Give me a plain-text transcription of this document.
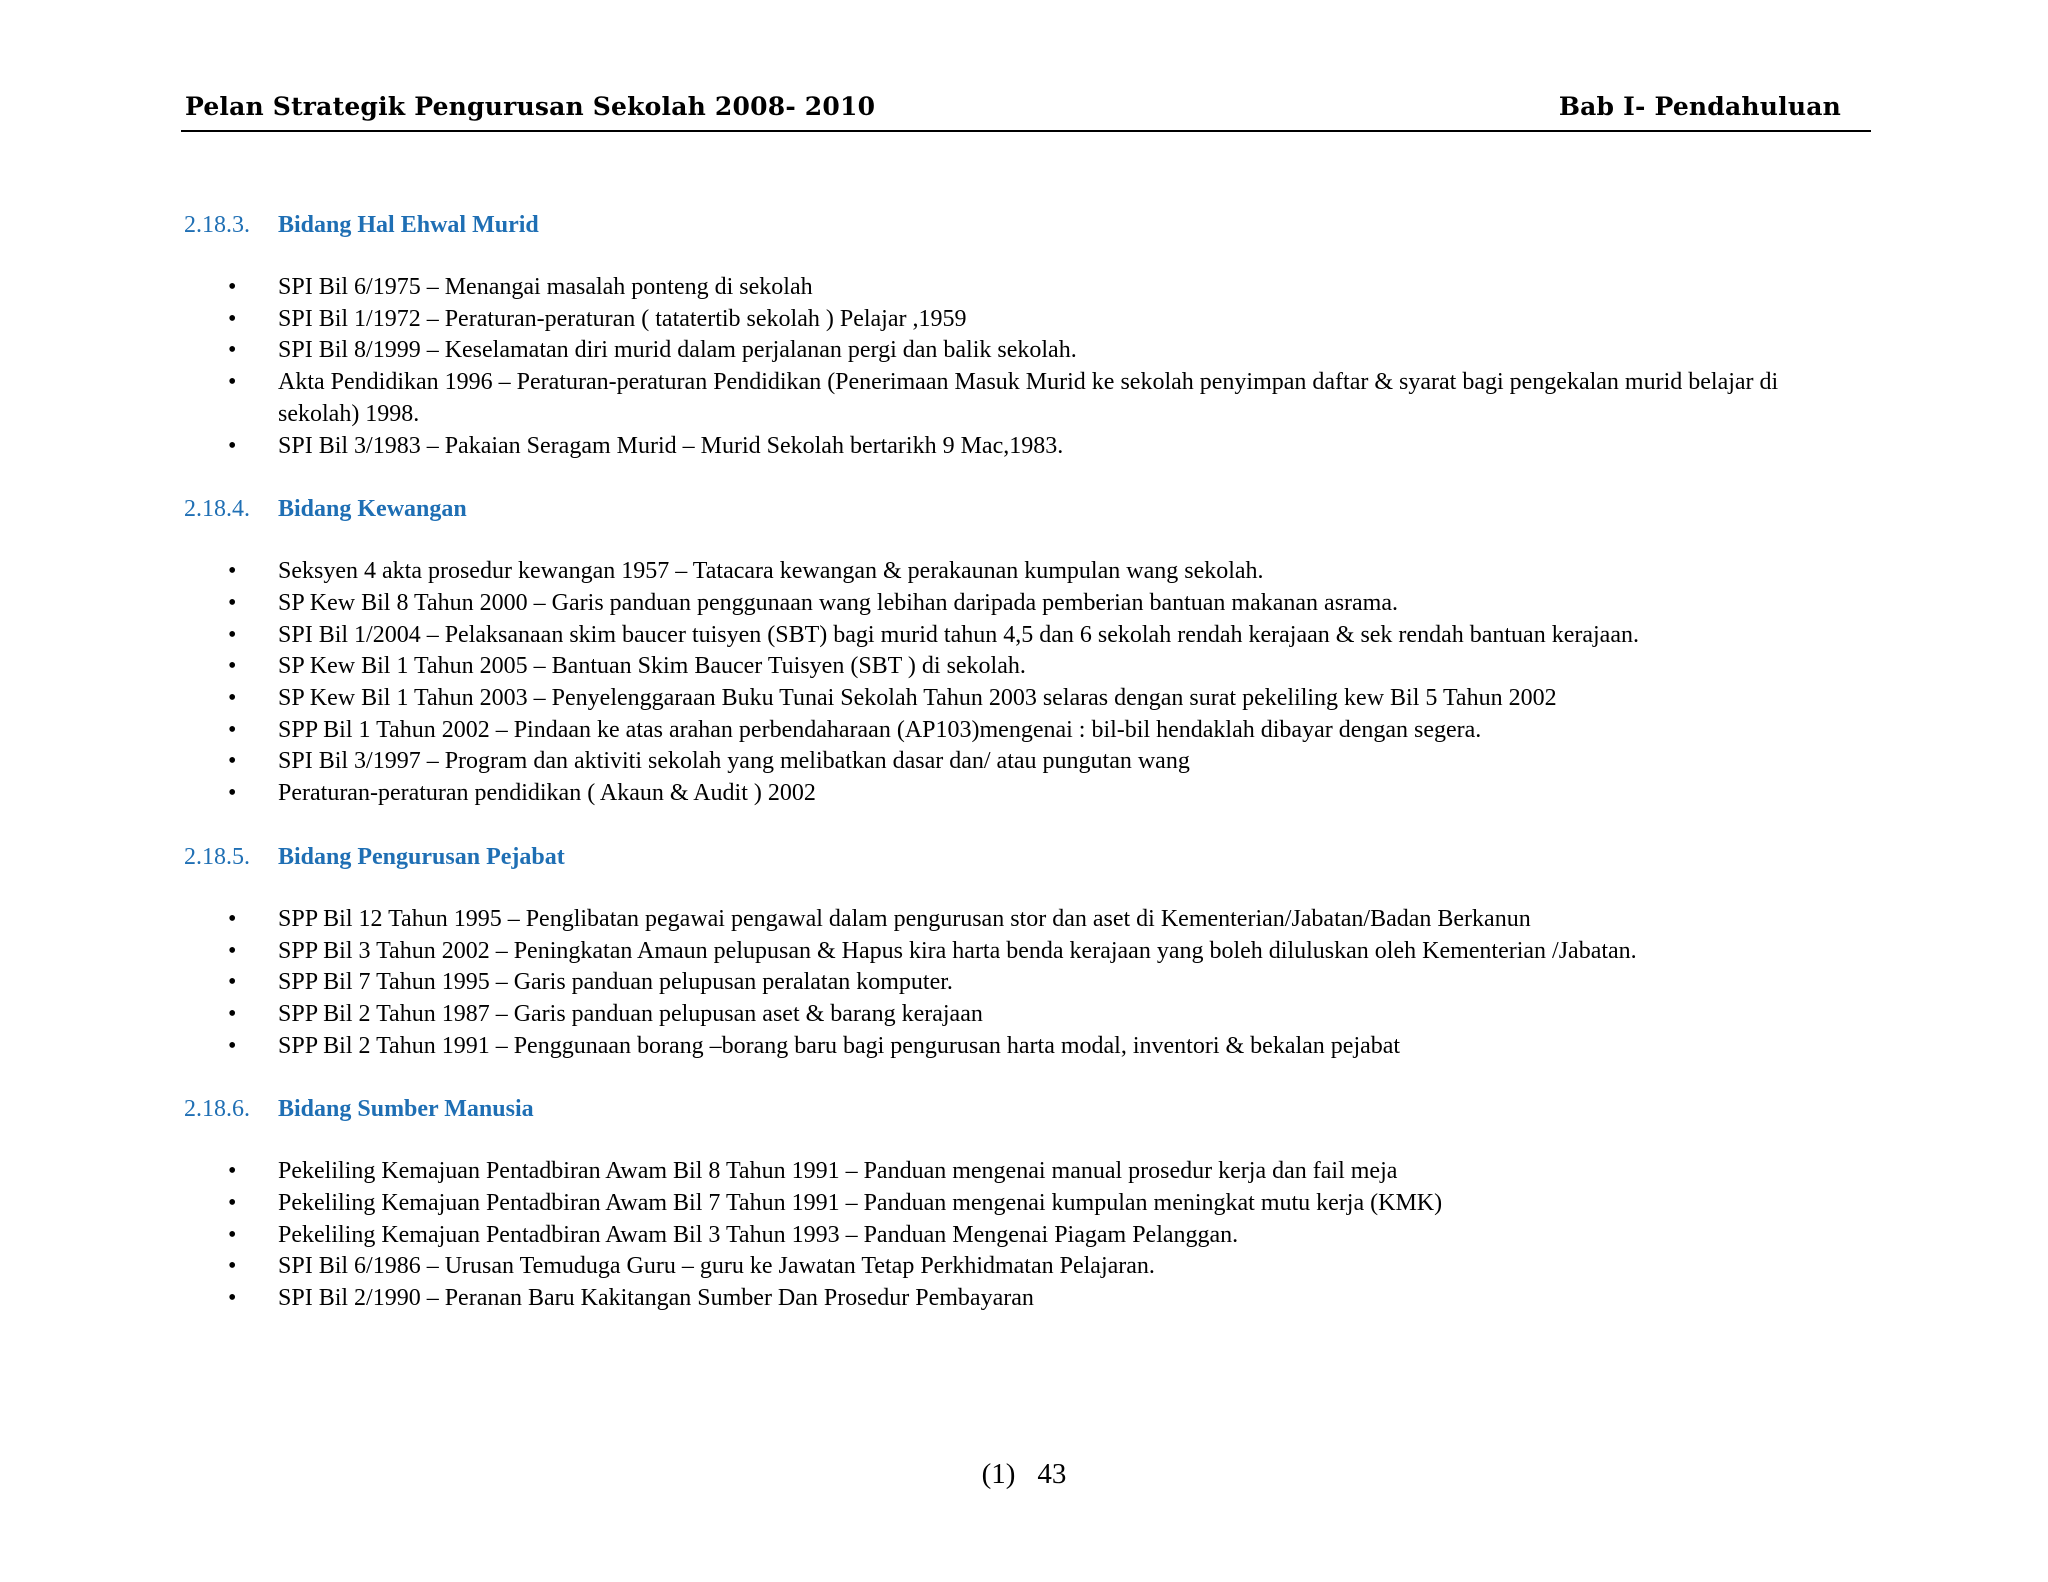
Pelan Strategik Pengurusan Sekolah 2008- 2010	Bab I- Pendahuluan
2.18.3. Bidang Hal Ehwal Murid
• SPI Bil 6/1975 – Menangai masalah ponteng di sekolah
• SPI Bil 1/1972 – Peraturan-peraturan ( tatatertib sekolah ) Pelajar ,1959
• SPI Bil 8/1999 – Keselamatan diri murid dalam perjalanan pergi dan balik sekolah.
• Akta Pendidikan 1996 – Peraturan-peraturan Pendidikan (Penerimaan Masuk Murid ke sekolah penyimpan daftar & syarat bagi pengekalan murid belajar di sekolah) 1998.
• SPI Bil 3/1983 – Pakaian Seragam Murid – Murid Sekolah bertarikh 9 Mac,1983.
2.18.4. Bidang Kewangan
• Seksyen 4 akta prosedur kewangan 1957 – Tatacara kewangan & perakaunan kumpulan wang sekolah.
• SP Kew Bil 8 Tahun 2000 – Garis panduan penggunaan wang lebihan daripada pemberian bantuan makanan asrama.
• SPI Bil 1/2004 – Pelaksanaan skim baucer tuisyen (SBT) bagi murid tahun 4,5 dan 6 sekolah rendah kerajaan & sek rendah bantuan kerajaan.
• SP Kew Bil 1 Tahun 2005 – Bantuan Skim Baucer Tuisyen (SBT ) di sekolah.
• SP Kew Bil 1 Tahun 2003 – Penyelenggaraan Buku Tunai Sekolah Tahun 2003 selaras dengan surat pekeliling kew Bil 5 Tahun 2002
• SPP Bil 1 Tahun 2002 – Pindaan ke atas arahan perbendaharaan (AP103)mengenai : bil-bil hendaklah dibayar dengan segera.
• SPI Bil 3/1997 – Program dan aktiviti sekolah yang melibatkan dasar dan/ atau pungutan wang
• Peraturan-peraturan pendidikan ( Akaun & Audit ) 2002
2.18.5. Bidang Pengurusan Pejabat
• SPP Bil 12 Tahun 1995 – Penglibatan pegawai pengawal dalam pengurusan stor dan aset di Kementerian/Jabatan/Badan Berkanun
• SPP Bil 3 Tahun 2002 – Peningkatan Amaun pelupusan & Hapus kira harta benda kerajaan yang boleh diluluskan oleh Kementerian /Jabatan.
• SPP Bil 7 Tahun 1995 – Garis panduan pelupusan peralatan komputer.
• SPP Bil 2 Tahun 1987 – Garis panduan pelupusan aset & barang kerajaan
• SPP Bil 2 Tahun 1991 – Penggunaan borang –borang baru bagi pengurusan harta modal, inventori & bekalan pejabat
2.18.6. Bidang Sumber Manusia
• Pekeliling Kemajuan Pentadbiran Awam Bil 8 Tahun 1991 – Panduan mengenai manual prosedur kerja dan fail meja
• Pekeliling Kemajuan Pentadbiran Awam Bil 7 Tahun 1991 – Panduan mengenai kumpulan meningkat mutu kerja (KMK)
• Pekeliling Kemajuan Pentadbiran Awam Bil 3 Tahun 1993 – Panduan Mengenai Piagam Pelanggan.
• SPI Bil 6/1986 – Urusan Temuduga Guru – guru ke Jawatan Tetap Perkhidmatan Pelajaran.
• SPI Bil 2/1990 – Peranan Baru Kakitangan Sumber Dan Prosedur Pembayaran
(1) 43
